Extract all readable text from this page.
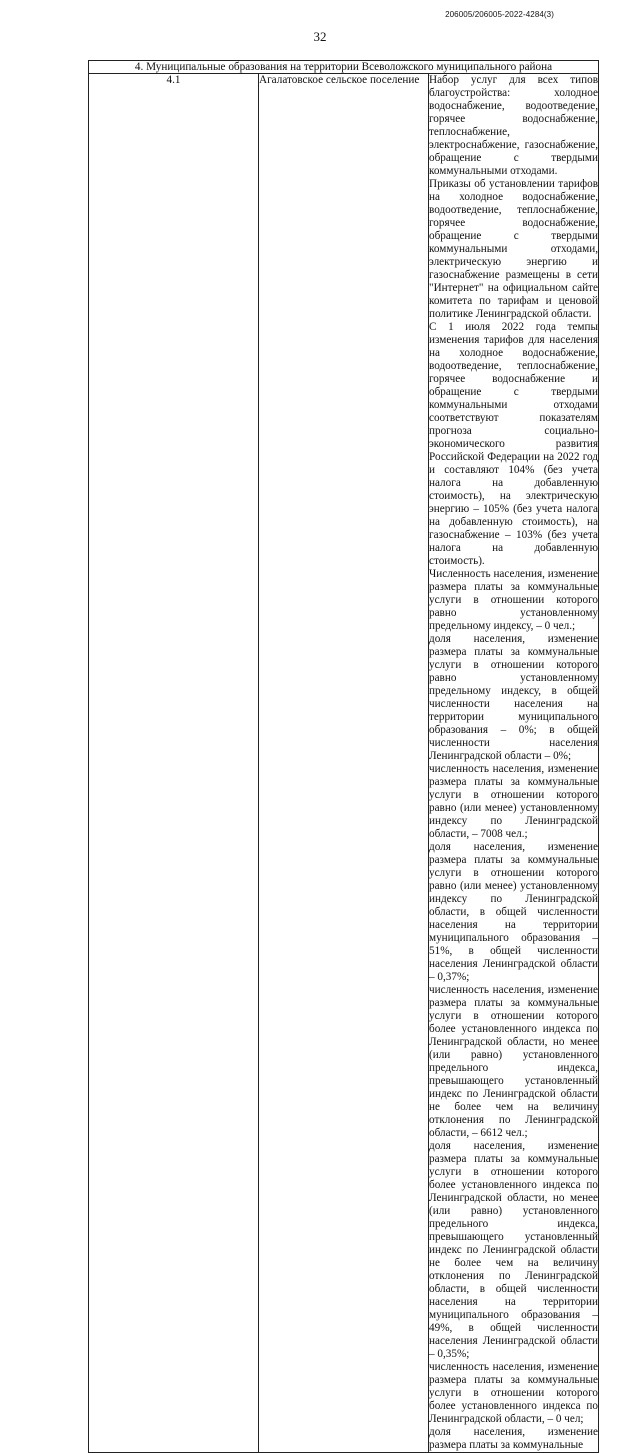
32
206005/206005-2022-4284(3)
4. Муниципальные образования на территории Всеволожского муниципального района
4.1	Агалатовское сельское поселение	Набор услуг для всех типов благоустройства: холодное водоснабжение, водоотведение, горячее водоснабжение, теплоснабжение, электроснабжение, газоснабжение, обращение с твердыми коммунальными отходами.

Приказы об установлении тарифов на холодное водоснабжение, водоотведение, теплоснабжение, горячее водоснабжение, обращение с твердыми коммунальными отходами, электрическую энергию и газоснабжение размещены в сети "Интернет" на официальном сайте комитета по тарифам и ценовой политике Ленинградской области.

С 1 июля 2022 года темпы изменения тарифов для населения на холодное водоснабжение, водоотведение, теплоснабжение, горячее водоснабжение и обращение с твердыми коммунальными отходами соответствуют показателям прогноза социально-экономического развития Российской Федерации на 2022 год и составляют 104% (без учета налога на добавленную стоимость), на электрическую энергию – 105% (без учета налога на добавленную стоимость), на газоснабжение – 103% (без учета налога на добавленную стоимость).

Численность населения, изменение размера платы за коммунальные услуги в отношении которого равно установленному предельному индексу, – 0 чел.;

доля населения, изменение размера платы за коммунальные услуги в отношении которого равно установленному предельному индексу, в общей численности населения на территории муниципального образования – 0%; в общей численности населения Ленинградской области – 0%;

численность населения, изменение размера платы за коммунальные услуги в отношении которого равно (или менее) установленному индексу по Ленинградской области, – 7008 чел.;

доля населения, изменение размера платы за коммунальные услуги в отношении которого равно (или менее) установленному индексу по Ленинградской области, в общей численности населения на территории муниципального образования – 51%, в общей численности населения Ленинградской области – 0,37%;

численность населения, изменение размера платы за коммунальные услуги в отношении которого более установленного индекса по Ленинградской области, но менее (или равно) установленного предельного индекса, превышающего установленный индекс по Ленинградской области не более чем на величину отклонения по Ленинградской области, – 6612 чел.;

доля населения, изменение размера платы за коммунальные услуги в отношении которого более установленного индекса по Ленинградской области, но менее (или равно) установленного предельного индекса, превышающего установленный индекс по Ленинградской области не более чем на величину отклонения по Ленинградской области, в общей численности населения на территории муниципального образования – 49%, в общей численности населения Ленинградской области – 0,35%;

численность населения, изменение размера платы за коммунальные услуги в отношении которого более установленного индекса по Ленинградской области, – 0 чел;

доля населения, изменение размера платы за коммунальные
